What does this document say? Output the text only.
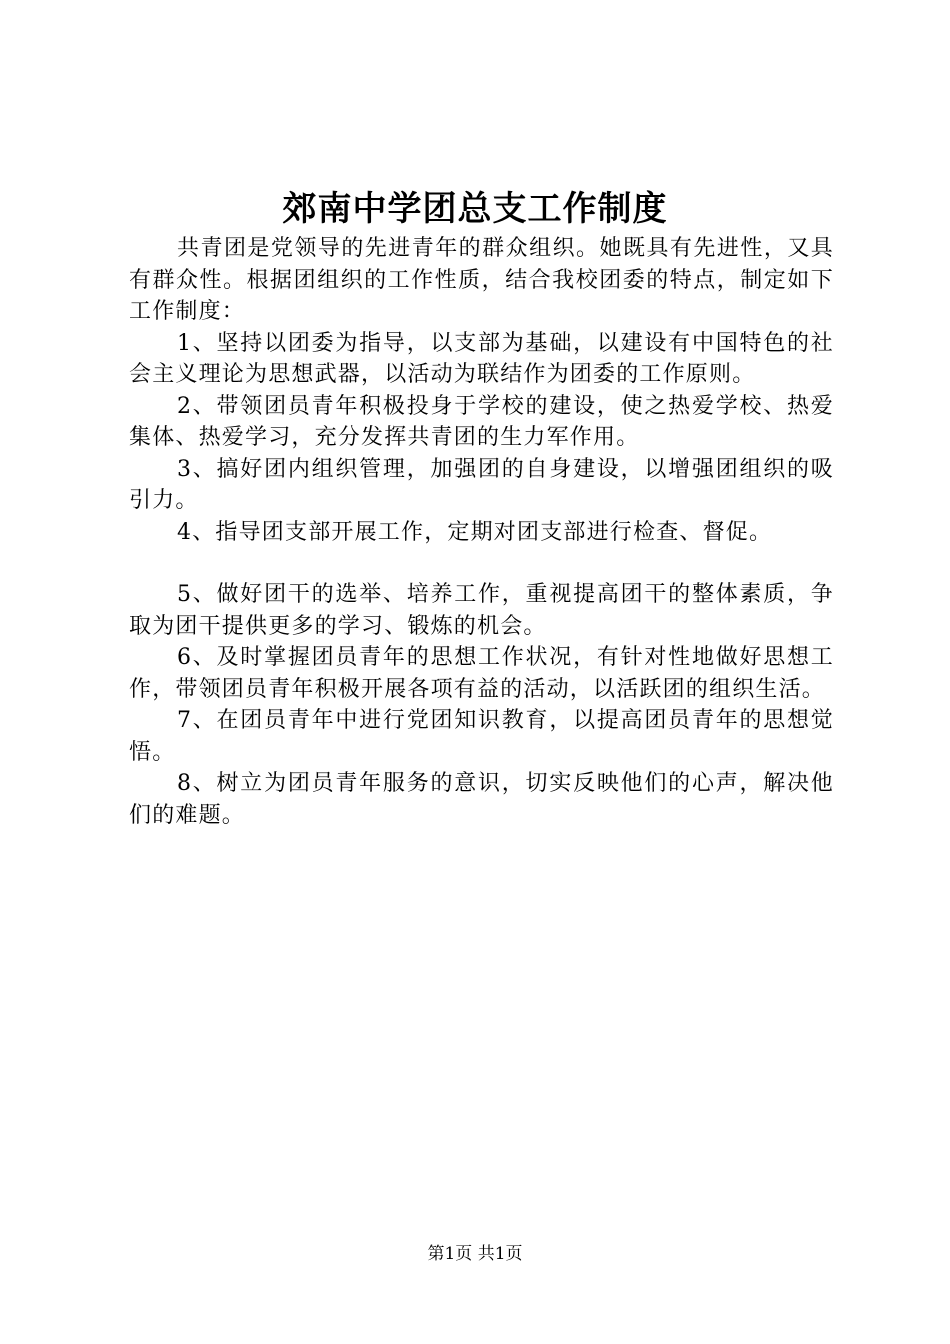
郊南中学团总支工作制度

共青团是党领导的先进青年的群众组织。她既具有先进性，又具有群众性。根据团组织的工作性质，结合我校团委的特点，制定如下工作制度：

1、坚持以团委为指导，以支部为基础，以建设有中国特色的社会主义理论为思想武器，以活动为联结作为团委的工作原则。

2、带领团员青年积极投身于学校的建设，使之热爱学校、热爱集体、热爱学习，充分发挥共青团的生力军作用。

3、搞好团内组织管理，加强团的自身建设，以增强团组织的吸引力。

4、指导团支部开展工作，定期对团支部进行检查、督促。

5、做好团干的选举、培养工作，重视提高团干的整体素质，争取为团干提供更多的学习、锻炼的机会。

6、及时掌握团员青年的思想工作状况，有针对性地做好思想工作，带领团员青年积极开展各项有益的活动，以活跃团的组织生活。

7、在团员青年中进行党团知识教育，以提高团员青年的思想觉悟。

8、树立为团员青年服务的意识，切实反映他们的心声，解决他们的难题。

第1页 共1页
